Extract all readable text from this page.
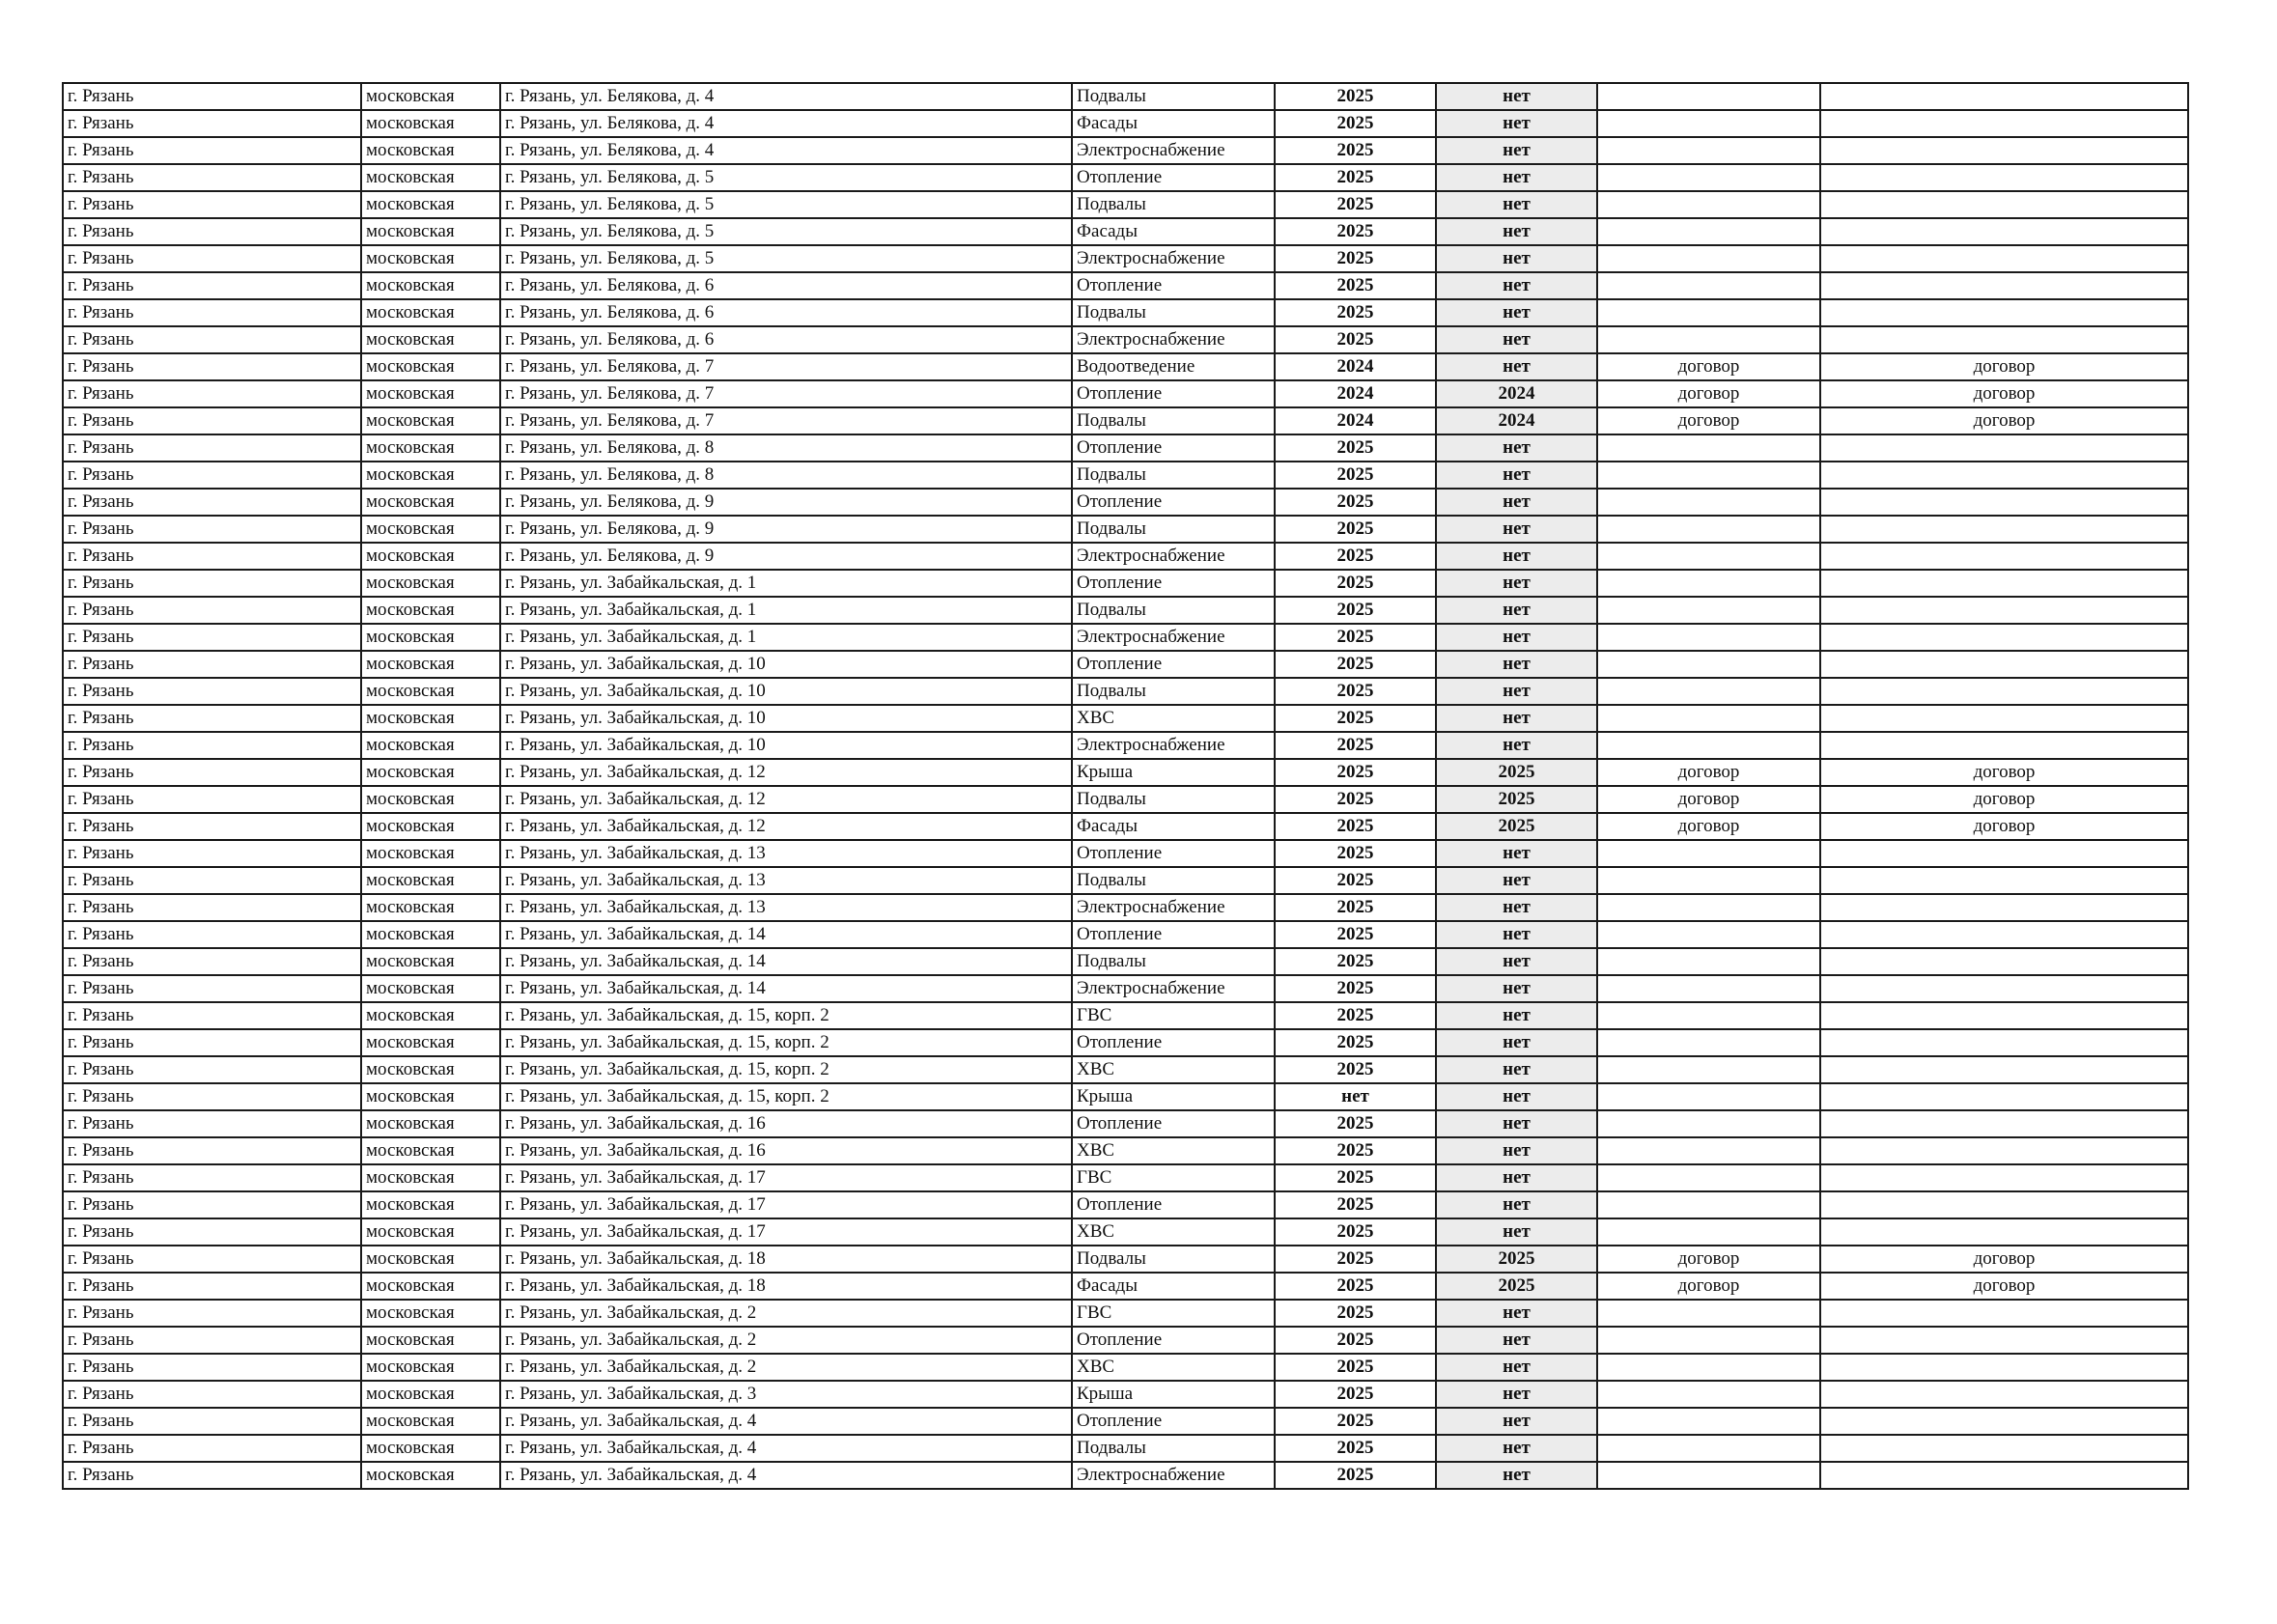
г. Рязань	московская	г. Рязань, ул. Белякова, д. 4	Подвалы	2025	нет		
г. Рязань	московская	г. Рязань, ул. Белякова, д. 4	Фасады	2025	нет		
г. Рязань	московская	г. Рязань, ул. Белякова, д. 4	Электроснабжение	2025	нет		
г. Рязань	московская	г. Рязань, ул. Белякова, д. 5	Отопление	2025	нет		
г. Рязань	московская	г. Рязань, ул. Белякова, д. 5	Подвалы	2025	нет		
г. Рязань	московская	г. Рязань, ул. Белякова, д. 5	Фасады	2025	нет		
г. Рязань	московская	г. Рязань, ул. Белякова, д. 5	Электроснабжение	2025	нет		
г. Рязань	московская	г. Рязань, ул. Белякова, д. 6	Отопление	2025	нет		
г. Рязань	московская	г. Рязань, ул. Белякова, д. 6	Подвалы	2025	нет		
г. Рязань	московская	г. Рязань, ул. Белякова, д. 6	Электроснабжение	2025	нет		
г. Рязань	московская	г. Рязань, ул. Белякова, д. 7	Водоотведение	2024	нет	договор	договор
г. Рязань	московская	г. Рязань, ул. Белякова, д. 7	Отопление	2024	2024	договор	договор
г. Рязань	московская	г. Рязань, ул. Белякова, д. 7	Подвалы	2024	2024	договор	договор
г. Рязань	московская	г. Рязань, ул. Белякова, д. 8	Отопление	2025	нет		
г. Рязань	московская	г. Рязань, ул. Белякова, д. 8	Подвалы	2025	нет		
г. Рязань	московская	г. Рязань, ул. Белякова, д. 9	Отопление	2025	нет		
г. Рязань	московская	г. Рязань, ул. Белякова, д. 9	Подвалы	2025	нет		
г. Рязань	московская	г. Рязань, ул. Белякова, д. 9	Электроснабжение	2025	нет		
г. Рязань	московская	г. Рязань, ул. Забайкальская, д. 1	Отопление	2025	нет		
г. Рязань	московская	г. Рязань, ул. Забайкальская, д. 1	Подвалы	2025	нет		
г. Рязань	московская	г. Рязань, ул. Забайкальская, д. 1	Электроснабжение	2025	нет		
г. Рязань	московская	г. Рязань, ул. Забайкальская, д. 10	Отопление	2025	нет		
г. Рязань	московская	г. Рязань, ул. Забайкальская, д. 10	Подвалы	2025	нет		
г. Рязань	московская	г. Рязань, ул. Забайкальская, д. 10	ХВС	2025	нет		
г. Рязань	московская	г. Рязань, ул. Забайкальская, д. 10	Электроснабжение	2025	нет		
г. Рязань	московская	г. Рязань, ул. Забайкальская, д. 12	Крыша	2025	2025	договор	договор
г. Рязань	московская	г. Рязань, ул. Забайкальская, д. 12	Подвалы	2025	2025	договор	договор
г. Рязань	московская	г. Рязань, ул. Забайкальская, д. 12	Фасады	2025	2025	договор	договор
г. Рязань	московская	г. Рязань, ул. Забайкальская, д. 13	Отопление	2025	нет		
г. Рязань	московская	г. Рязань, ул. Забайкальская, д. 13	Подвалы	2025	нет		
г. Рязань	московская	г. Рязань, ул. Забайкальская, д. 13	Электроснабжение	2025	нет		
г. Рязань	московская	г. Рязань, ул. Забайкальская, д. 14	Отопление	2025	нет		
г. Рязань	московская	г. Рязань, ул. Забайкальская, д. 14	Подвалы	2025	нет		
г. Рязань	московская	г. Рязань, ул. Забайкальская, д. 14	Электроснабжение	2025	нет		
г. Рязань	московская	г. Рязань, ул. Забайкальская, д. 15, корп. 2	ГВС	2025	нет		
г. Рязань	московская	г. Рязань, ул. Забайкальская, д. 15, корп. 2	Отопление	2025	нет		
г. Рязань	московская	г. Рязань, ул. Забайкальская, д. 15, корп. 2	ХВС	2025	нет		
г. Рязань	московская	г. Рязань, ул. Забайкальская, д. 15, корп. 2	Крыша	нет	нет		
г. Рязань	московская	г. Рязань, ул. Забайкальская, д. 16	Отопление	2025	нет		
г. Рязань	московская	г. Рязань, ул. Забайкальская, д. 16	ХВС	2025	нет		
г. Рязань	московская	г. Рязань, ул. Забайкальская, д. 17	ГВС	2025	нет		
г. Рязань	московская	г. Рязань, ул. Забайкальская, д. 17	Отопление	2025	нет		
г. Рязань	московская	г. Рязань, ул. Забайкальская, д. 17	ХВС	2025	нет		
г. Рязань	московская	г. Рязань, ул. Забайкальская, д. 18	Подвалы	2025	2025	договор	договор
г. Рязань	московская	г. Рязань, ул. Забайкальская, д. 18	Фасады	2025	2025	договор	договор
г. Рязань	московская	г. Рязань, ул. Забайкальская, д. 2	ГВС	2025	нет		
г. Рязань	московская	г. Рязань, ул. Забайкальская, д. 2	Отопление	2025	нет		
г. Рязань	московская	г. Рязань, ул. Забайкальская, д. 2	ХВС	2025	нет		
г. Рязань	московская	г. Рязань, ул. Забайкальская, д. 3	Крыша	2025	нет		
г. Рязань	московская	г. Рязань, ул. Забайкальская, д. 4	Отопление	2025	нет		
г. Рязань	московская	г. Рязань, ул. Забайкальская, д. 4	Подвалы	2025	нет		
г. Рязань	московская	г. Рязань, ул. Забайкальская, д. 4	Электроснабжение	2025	нет		
